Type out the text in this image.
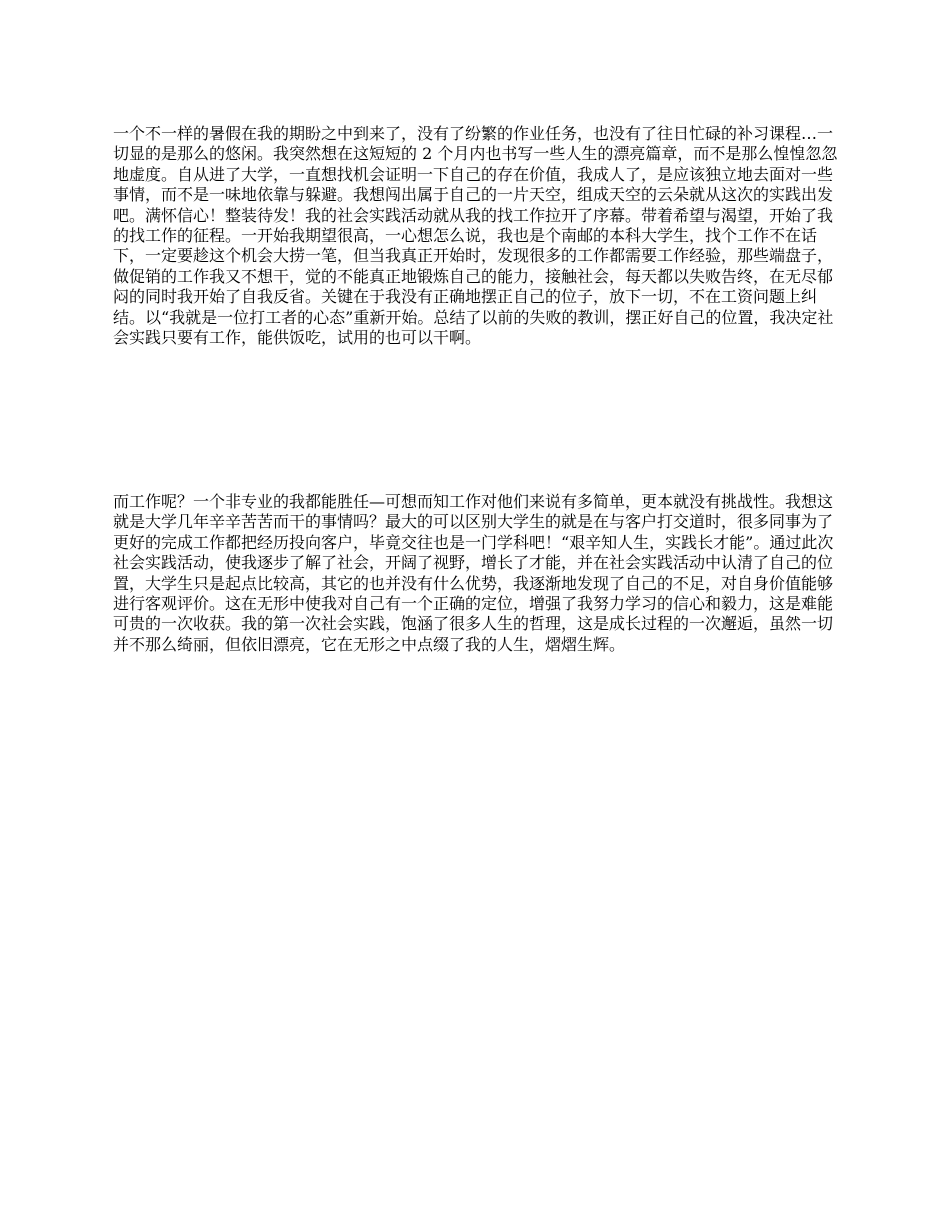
一个不一样的暑假在我的期盼之中到来了，没有了纷繁的作业任务，也没有了往日忙碌的补习课程…一切显的是那么的悠闲。我突然想在这短短的 2 个月内也书写一些人生的漂亮篇章，而不是那么惶惶忽忽地虚度。自从进了大学，一直想找机会证明一下自己的存在价值，我成人了，是应该独立地去面对一些事情，而不是一味地依靠与躲避。我想闯出属于自己的一片天空，组成天空的云朵就从这次的实践出发吧。满怀信心！整装待发！我的社会实践活动就从我的找工作拉开了序幕。带着希望与渴望，开始了我的找工作的征程。一开始我期望很高，一心想怎么说，我也是个南邮的本科大学生，找个工作不在话下，一定要趁这个机会大捞一笔，但当我真正开始时，发现很多的工作都需要工作经验，那些端盘子，做促销的工作我又不想干，觉的不能真正地锻炼自己的能力，接触社会，每天都以失败告终，在无尽郁闷的同时我开始了自我反省。关键在于我没有正确地摆正自己的位子，放下一切，不在工资问题上纠结。以“我就是一位打工者的心态”重新开始。总结了以前的失败的教训，摆正好自己的位置，我决定社会实践只要有工作，能供饭吃，试用的也可以干啊。

而工作呢？一个非专业的我都能胜任—可想而知工作对他们来说有多简单，更本就没有挑战性。我想这就是大学几年辛辛苦苦而干的事情吗？最大的可以区别大学生的就是在与客户打交道时，很多同事为了更好的完成工作都把经历投向客户，毕竟交往也是一门学科吧！“艰辛知人生，实践长才能”。通过此次社会实践活动，使我逐步了解了社会，开阔了视野，增长了才能，并在社会实践活动中认清了自己的位置，大学生只是起点比较高，其它的也并没有什么优势，我逐渐地发现了自己的不足，对自身价值能够进行客观评价。这在无形中使我对自己有一个正确的定位，增强了我努力学习的信心和毅力，这是难能可贵的一次收获。我的第一次社会实践，饱涵了很多人生的哲理，这是成长过程的一次邂逅，虽然一切并不那么绮丽，但依旧漂亮，它在无形之中点缀了我的人生，熠熠生辉。
